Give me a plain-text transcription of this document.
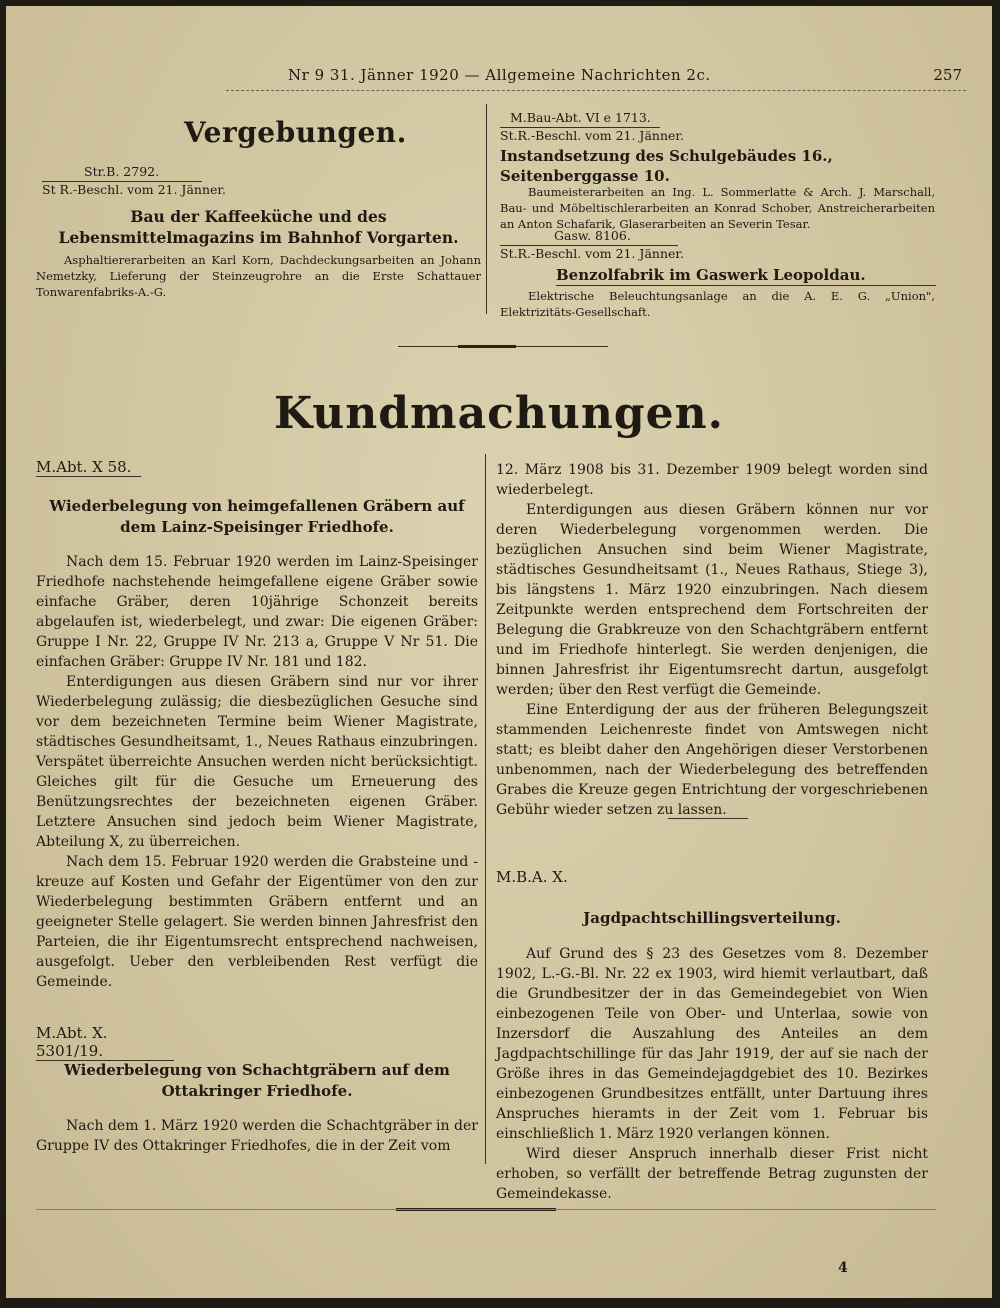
Nr 9 31. Jänner 1920 — Allgemeine Nachrichten 2c.	257
Vergebungen.
Str.B. 2792.
St R.-Beschl. vom 21. Jänner.
Bau der Kaffeeküche und des Lebensmittelmagazins im Bahnhof Vorgarten.
Asphaltiererarbeiten an Karl Korn, Dachdeckungsarbeiten an Johann Nemetzky, Lieferung der Steinzeugrohre an die Erste Schattauer Tonwarenfabriks-A.-G.
M.Bau-Abt. VI e 1713.
St.R.-Beschl. vom 21. Jänner.
Instandsetzung des Schulgebäudes 16., Seitenberggasse 10.
Baumeisterarbeiten an Ing. L. Sommerlatte & Arch. J. Marschall, Bau- und Möbeltischlerarbeiten an Konrad Schober, Anstreicherarbeiten an Anton Schafarik, Glaserarbeiten an Severin Tesar.
Gasw. 8106.
St.R.-Beschl. vom 21. Jänner.
Benzolfabrik im Gaswerk Leopoldau.
Elektrische Beleuchtungsanlage an die A. E. G. „Union", Elektrizitäts-Gesellschaft.
Kundmachungen.
M.Abt. X 58.
Wiederbelegung von heimgefallenen Gräbern auf dem Lainz-Speisinger Friedhofe.

Nach dem 15. Februar 1920 werden im Lainz-Speisinger Friedhofe nachstehende heimgefallene eigene Gräber sowie einfache Gräber, deren 10jährige Schonzeit bereits abgelaufen ist, wiederbelegt, und zwar: Die eigenen Gräber: Gruppe I Nr. 22, Gruppe IV Nr. 213 a, Gruppe V Nr 51. Die einfachen Gräber: Gruppe IV Nr. 181 und 182.

Enterdigungen aus diesen Gräbern sind nur vor ihrer Wiederbelegung zulässig; die diesbezüglichen Gesuche sind vor dem bezeichneten Termine beim Wiener Magistrate, städtisches Gesundheitsamt, 1., Neues Rathaus einzubringen. Verspätet überreichte Ansuchen werden nicht berücksichtigt. Gleiches gilt für die Gesuche um Erneuerung des Benützungsrechtes der bezeichneten eigenen Gräber. Letztere Ansuchen sind jedoch beim Wiener Magistrate, Abteilung X, zu überreichen.

Nach dem 15. Februar 1920 werden die Grabsteine und -kreuze auf Kosten und Gefahr der Eigentümer von den zur Wiederbelegung bestimmten Gräbern entfernt und an geeigneter Stelle gelagert. Sie werden binnen Jahresfrist den Parteien, die ihr Eigentumsrecht entsprechend nachweisen, ausgefolgt. Ueber den verbleibenden Rest verfügt die Gemeinde.

M.Abt. X. 5301/19.
Wiederbelegung von Schachtgräbern auf dem Ottakringer Friedhofe.

Nach dem 1. März 1920 werden die Schachtgräber in der Gruppe IV des Ottakringer Friedhofes, die in der Zeit vom

12. März 1908 bis 31. Dezember 1909 belegt worden sind wiederbelegt.

Enterdigungen aus diesen Gräbern können nur vor deren Wiederbelegung vorgenommen werden. Die bezüglichen Ansuchen sind beim Wiener Magistrate, städtisches Gesundheitsamt (1., Neues Rathaus, Stiege 3), bis längstens 1. März 1920 einzubringen. Nach diesem Zeitpunkte werden entsprechend dem Fortschreiten der Belegung die Grabkreuze von den Schachtgräbern entfernt und im Friedhofe hinterlegt. Sie werden denjenigen, die binnen Jahresfrist ihr Eigentumsrecht dartun, ausgefolgt werden; über den Rest verfügt die Gemeinde.

Eine Enterdigung der aus der früheren Belegungszeit stammenden Leichenreste findet von Amtswegen nicht statt; es bleibt daher den Angehörigen dieser Verstorbenen unbenommen, nach der Wiederbelegung des betreffenden Grabes die Kreuze gegen Entrichtung der vorgeschriebenen Gebühr wieder setzen zu lassen.

M.B.A. X.
Jagdpachtschillingsverteilung.

Auf Grund des § 23 des Gesetzes vom 8. Dezember 1902, L.-G.-Bl. Nr. 22 ex 1903, wird hiemit verlautbart, daß die Grundbesitzer der in das Gemeindegebiet von Wien einbezogenen Teile von Ober- und Unterlaa, sowie von Inzersdorf die Auszahlung des Anteiles an dem Jagdpachtschillinge für das Jahr 1919, der auf sie nach der Größe ihres in das Gemeindejagdgebiet des 10. Bezirkes einbezogenen Grundbesitzes entfällt, unter Dartuung ihres Anspruches hieramts in der Zeit vom 1. Februar bis einschließlich 1. März 1920 verlangen können.

Wird dieser Anspruch innerhalb dieser Frist nicht erhoben, so verfällt der betreffende Betrag zugunsten der Gemeindekasse.

4
